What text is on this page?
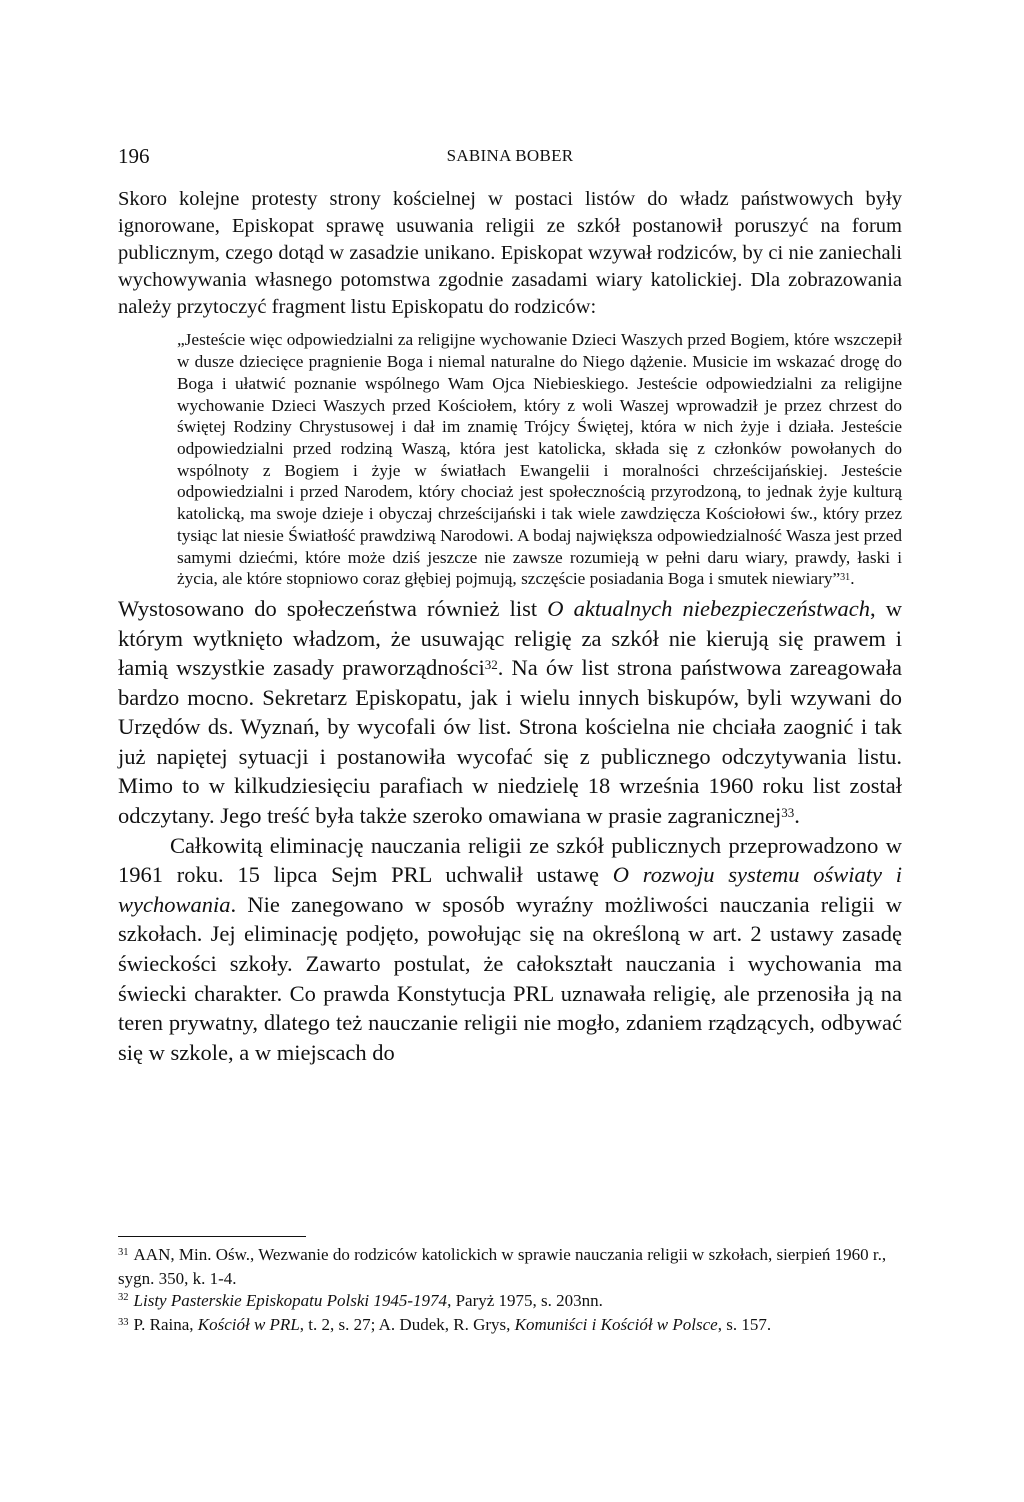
196	SABINA BOBER

Skoro kolejne protesty strony kościelnej w postaci listów do władz państwowych były ignorowane, Episkopat sprawę usuwania religii ze szkół postanowił poruszyć na forum publicznym, czego dotąd w zasadzie unikano. Episkopat wzywał rodziców, by ci nie zaniechali wychowywania własnego potomstwa zgodnie zasadami wiary katolickiej. Dla zobrazowania należy przytoczyć fragment listu Episkopatu do rodziców:

„Jesteście więc odpowiedzialni za religijne wychowanie Dzieci Waszych przed Bogiem, które wszczepił w dusze dziecięce pragnienie Boga i niemal naturalne do Niego dążenie. Musicie im wskazać drogę do Boga i ułatwić poznanie wspólnego Wam Ojca Niebieskiego. Jesteście odpowiedzialni za religijne wychowanie Dzieci Waszych przed Kościołem, który z woli Waszej wprowadził je przez chrzest do świętej Rodziny Chrystusowej i dał im znamię Trójcy Świętej, która w nich żyje i działa. Jesteście odpowiedzialni przed rodziną Waszą, która jest katolicka, składa się z członków powołanych do wspólnoty z Bogiem i żyje w światłach Ewangelii i moralności chrześcijańskiej. Jesteście odpowiedzialni i przed Narodem, który chociaż jest społecznością przyrodzoną, to jednak żyje kulturą katolicką, ma swoje dzieje i obyczaj chrześcijański i tak wiele zawdzięcza Kościołowi św., który przez tysiąc lat niesie Światłość prawdziwą Narodowi. A bodaj największa odpowiedzialność Wasza jest przed samymi dziećmi, które może dziś jeszcze nie zawsze rozumieją w pełni daru wiary, prawdy, łaski i życia, ale które stopniowo coraz głębiej pojmują, szczęście posiadania Boga i smutek niewiary”$^{31}$.

Wystosowano do społeczeństwa również list O aktualnych niebezpieczeństwach, w którym wytknięto władzom, że usuwając religię za szkół nie kierują się prawem i łamią wszystkie zasady praworządności$^{32}$. Na ów list strona państwowa zareagowała bardzo mocno. Sekretarz Episkopatu, jak i wielu innych biskupów, byli wzywani do Urzędów ds. Wyznań, by wycofali ów list. Strona kościelna nie chciała zaognić i tak już napiętej sytuacji i postanowiła wycofać się z publicznego odczytywania listu. Mimo to w kilkudziesięciu parafiach w niedzielę 18 września 1960 roku list został odczytany. Jego treść była także szeroko omawiana w prasie zagranicznej$^{33}$.

Całkowitą eliminację nauczania religii ze szkół publicznych przeprowadzono w 1961 roku. 15 lipca Sejm PRL uchwalił ustawę O rozwoju systemu oświaty i wychowania. Nie zanegowano w sposób wyraźny możliwości nauczania religii w szkołach. Jej eliminację podjęto, powołując się na określoną w art. 2 ustawy zasadę świeckości szkoły. Zawarto postulat, że całokształt nauczania i wychowania ma świecki charakter. Co prawda Konstytucja PRL uznawała religię, ale przenosiła ją na teren prywatny, dlatego też nauczanie religii nie mogło, zdaniem rządzących, odbywać się w szkole, a w miejscach do

$^{31}$ AAN, Min. Ośw., Wezwanie do rodziców katolickich w sprawie nauczania religii w szkołach, sierpień 1960 r., sygn. 350, k. 1-4.

$^{32}$ Listy Pasterskie Episkopatu Polski 1945-1974, Paryż 1975, s. 203nn.

$^{33}$ P. Raina, Kościół w PRL, t. 2, s. 27; A. Dudek, R. Grys, Komuniści i Kościół w Polsce, s. 157.
